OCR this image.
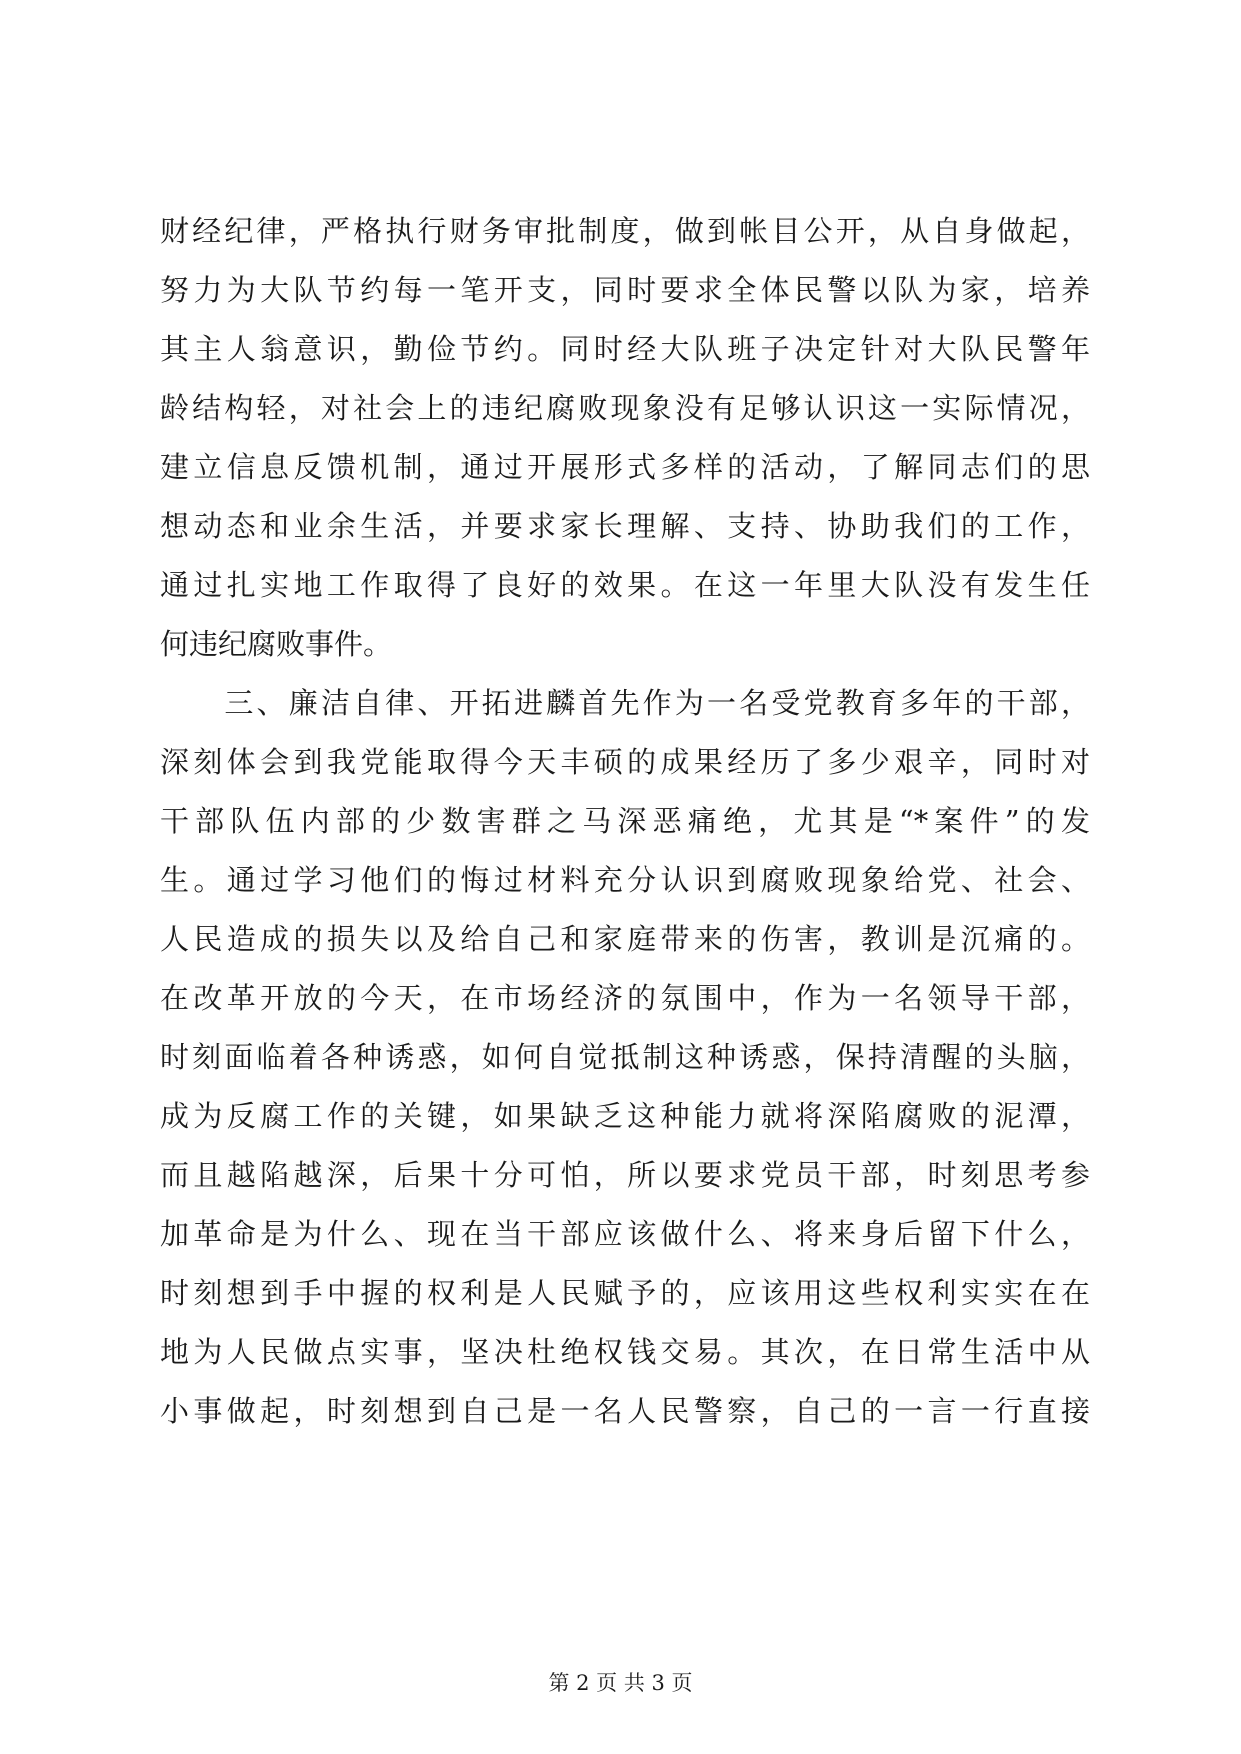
财经纪律，严格执行财务审批制度，做到帐目公开，从自身做起，
努力为大队节约每一笔开支，同时要求全体民警以队为家，培养
其主人翁意识，勤俭节约。同时经大队班子决定针对大队民警年
龄结构轻，对社会上的违纪腐败现象没有足够认识这一实际情况，
建立信息反馈机制，通过开展形式多样的活动，了解同志们的思
想动态和业余生活，并要求家长理解、支持、协助我们的工作，
通过扎实地工作取得了良好的效果。在这一年里大队没有发生任
何违纪腐败事件。
　　三、廉洁自律、开拓进麟首先作为一名受党教育多年的干部，
深刻体会到我党能取得今天丰硕的成果经历了多少艰辛，同时对
干部队伍内部的少数害群之马深恶痛绝，尤其是“*案件”的发
生。通过学习他们的悔过材料充分认识到腐败现象给党、社会、
人民造成的损失以及给自己和家庭带来的伤害，教训是沉痛的。
在改革开放的今天，在市场经济的氛围中，作为一名领导干部，
时刻面临着各种诱惑，如何自觉抵制这种诱惑，保持清醒的头脑，
成为反腐工作的关键，如果缺乏这种能力就将深陷腐败的泥潭，
而且越陷越深，后果十分可怕，所以要求党员干部，时刻思考参
加革命是为什么、现在当干部应该做什么、将来身后留下什么，
时刻想到手中握的权利是人民赋予的，应该用这些权利实实在在
地为人民做点实事，坚决杜绝权钱交易。其次，在日常生活中从
小事做起，时刻想到自己是一名人民警察，自己的一言一行直接
第 2 页 共 3 页
